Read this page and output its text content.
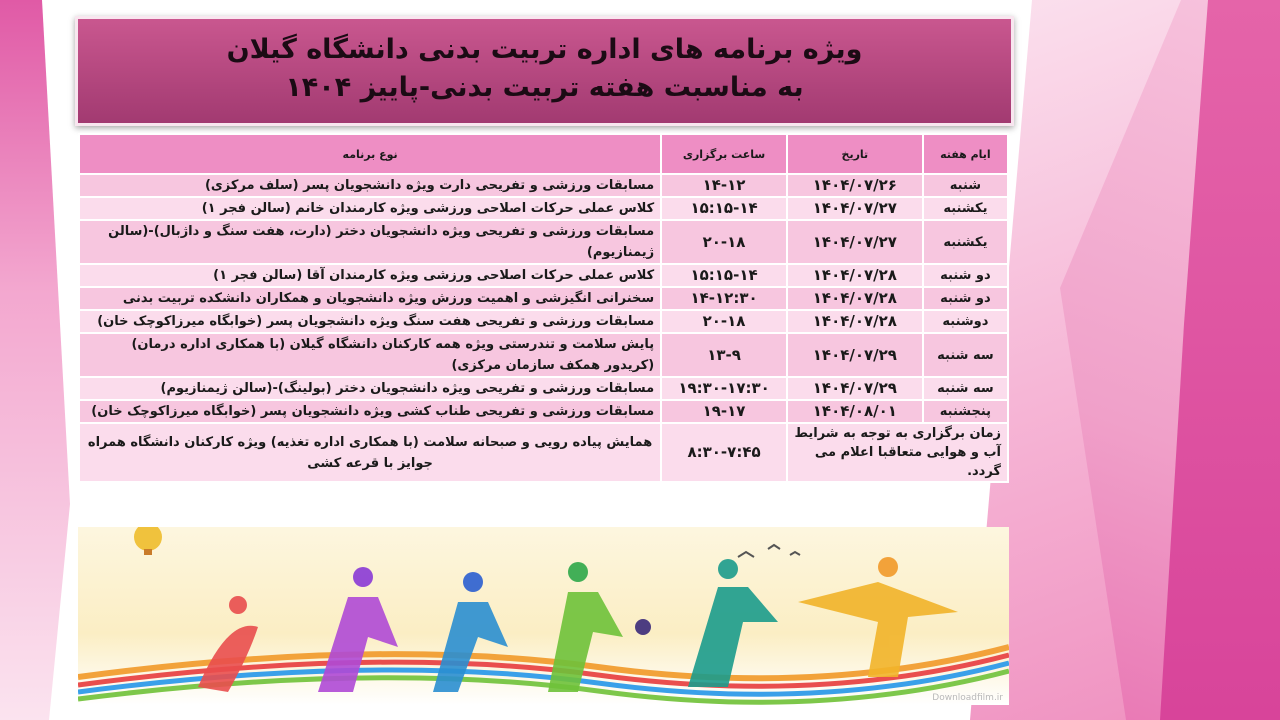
ویژه برنامه های اداره تربیت بدنی دانشگاه گیلان
به مناسبت هفته تربیت بدنی-پاییز ۱۴۰۴
ایام هفته	تاریخ	ساعت برگزاری	نوع برنامه
شنبه	۱۴۰۴/۰۷/۲۶	۱۴-۱۲	مسابقات ورزشی و تفریحی دارت ویژه دانشجویان پسر (سلف مرکزی)
یکشنبه	۱۴۰۴/۰۷/۲۷	۱۵:۱۵-۱۴	کلاس عملی حرکات اصلاحی ورزشی ویژه کارمندان خانم (سالن فجر ۱)
یکشنبه	۱۴۰۴/۰۷/۲۷	۲۰-۱۸	مسابقات ورزشی و تفریحی ویژه دانشجویان دختر (دارت، هفت سنگ و داژبال)-(سالن ژیمنازیوم)
دو شنبه	۱۴۰۴/۰۷/۲۸	۱۵:۱۵-۱۴	کلاس عملی حرکات اصلاحی ورزشی ویژه کارمندان آقا (سالن فجر ۱)
دو شنبه	۱۴۰۴/۰۷/۲۸	۱۴-۱۲:۳۰	سخنرانی انگیزشی و اهمیت ورزش ویژه دانشجویان و همکاران دانشکده تربیت بدنی
دوشنبه	۱۴۰۴/۰۷/۲۸	۲۰-۱۸	مسابقات ورزشی و تفریحی هفت سنگ ویژه دانشجویان پسر (خوابگاه میرزاکوچک خان)
سه شنبه	۱۴۰۴/۰۷/۲۹	۱۳-۹	پایش سلامت و تندرستی ویژه همه کارکنان دانشگاه گیلان (با همکاری اداره درمان) (کریدور همکف سازمان مرکزی)
سه شنبه	۱۴۰۴/۰۷/۲۹	۱۹:۳۰-۱۷:۳۰	مسابقات ورزشی و تفریحی ویژه دانشجویان دختر (بولینگ)-(سالن ژیمنازیوم)
پنجشنبه	۱۴۰۴/۰۸/۰۱	۱۹-۱۷	مسابقات ورزشی و تفریحی طناب کشی ویژه دانشجویان پسر (خوابگاه میرزاکوچک خان)
زمان برگزاری به توجه به شرایط آب و هوایی متعاقبا اعلام می گردد.		۸:۳۰-۷:۴۵	همایش پیاده رویی و صبحانه سلامت (با همکاری اداره تغذیه) ویژه کارکنان دانشگاه همراه جوایز با قرعه کشی
Downloadfilm.ir
